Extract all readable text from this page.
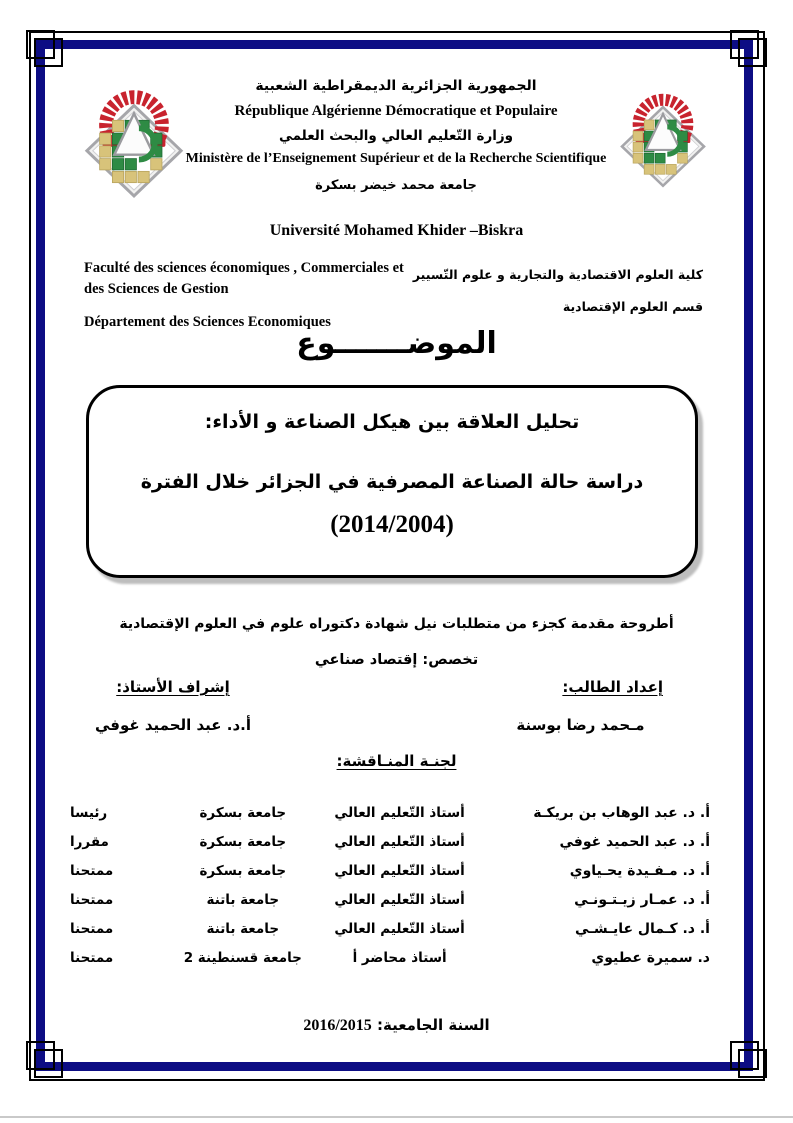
الجمهورية الجزائرية الديمقراطية الشعبية
République Algérienne Démocratique et Populaire
وزارة التّعليم العالي والبحث العلمي
Ministère de l’Enseignement Supérieur et de la Recherche Scientifique
جامعة محمد خيضر بسكرة
Université Mohamed Khider –Biskra
Faculté des sciences économiques , Commerciales et
des Sciences de Gestion
Département des Sciences Economiques
كلية العلوم الاقتصادية والتجارية و علوم التّسيير
قسم العلوم الإقتصادية
الموضـــــــوع
تحليل العلاقة بين هيكل الصناعة و الأداء:
دراسة حالة الصناعة المصرفية في الجزائر خلال الفترة
(2014/2004)
أطروحة مقدمة كجزء من متطلبات نيل شهادة دكتوراه علوم في العلوم الإقتصادية
تخصص: إقتصاد صناعي
إعداد الطالب:
مـحمد رضا بوسنة
إشراف الأستاذ:
أ.د. عبد الحميد غوفي
لجنـة المنـاقشة:
أ. د. عبد الوهاب بن بريكـة
أستاذ التّعليم العالي
جامعة بسكرة
رئيسا
أ. د. عبد الحميد غوفي
أستاذ التّعليم العالي
جامعة بسكرة
مقررا
أ. د. مـفـيدة يحـياوي
أستاذ التّعليم العالي
جامعة بسكرة
ممتحنا
أ. د. عمـار زيـتـونـي
أستاذ التّعليم العالي
جامعة باتنة
ممتحنا
أ. د. كـمال عايـشـي
أستاذ التّعليم العالي
جامعة باتنة
ممتحنا
د. سميرة عطيوي
أستاذ محاضر أ
جامعة قسنطينة 2
ممتحنا
السنة الجامعية: 2016/2015
